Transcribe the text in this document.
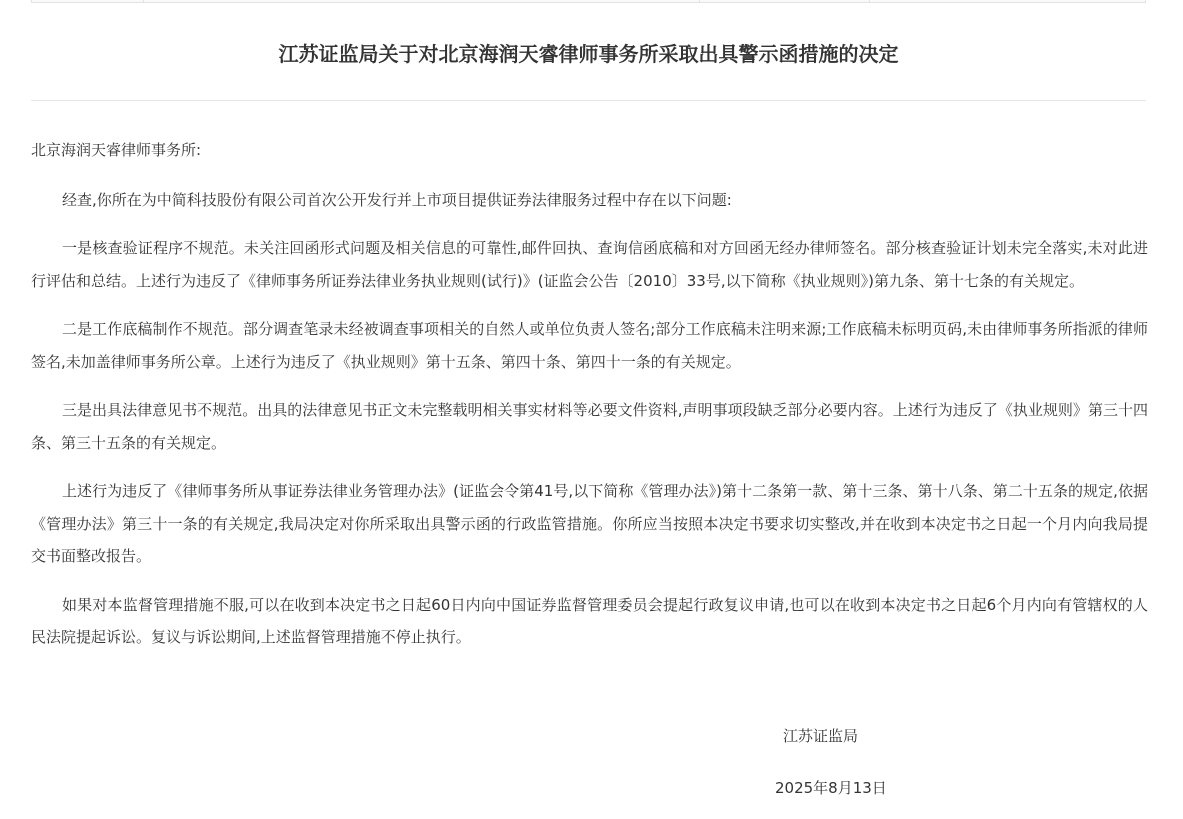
江苏证监局关于对北京海润天睿律师事务所采取出具警示函措施的决定

北京海润天睿律师事务所:

经查,你所在为中简科技股份有限公司首次公开发行并上市项目提供证券法律服务过程中存在以下问题:

一是核查验证程序不规范。未关注回函形式问题及相关信息的可靠性,邮件回执、查询信函底稿和对方回函无经办律师签名。部分核查验证计划未完全落实,未对此进行评估和总结。上述行为违反了《律师事务所证券法律业务执业规则(试行)》(证监会公告〔2010〕33号,以下简称《执业规则》)第九条、第十七条的有关规定。

二是工作底稿制作不规范。部分调查笔录未经被调查事项相关的自然人或单位负责人签名;部分工作底稿未注明来源;工作底稿未标明页码,未由律师事务所指派的律师签名,未加盖律师事务所公章。上述行为违反了《执业规则》第十五条、第四十条、第四十一条的有关规定。

三是出具法律意见书不规范。出具的法律意见书正文未完整载明相关事实材料等必要文件资料,声明事项段缺乏部分必要内容。上述行为违反了《执业规则》第三十四条、第三十五条的有关规定。

上述行为违反了《律师事务所从事证券法律业务管理办法》(证监会令第41号,以下简称《管理办法》)第十二条第一款、第十三条、第十八条、第二十五条的规定,依据《管理办法》第三十一条的有关规定,我局决定对你所采取出具警示函的行政监管措施。你所应当按照本决定书要求切实整改,并在收到本决定书之日起一个月内向我局提交书面整改报告。

如果对本监督管理措施不服,可以在收到本决定书之日起60日内向中国证券监督管理委员会提起行政复议申请,也可以在收到本决定书之日起6个月内向有管辖权的人民法院提起诉讼。复议与诉讼期间,上述监督管理措施不停止执行。

江苏证监局

2025年8月13日
